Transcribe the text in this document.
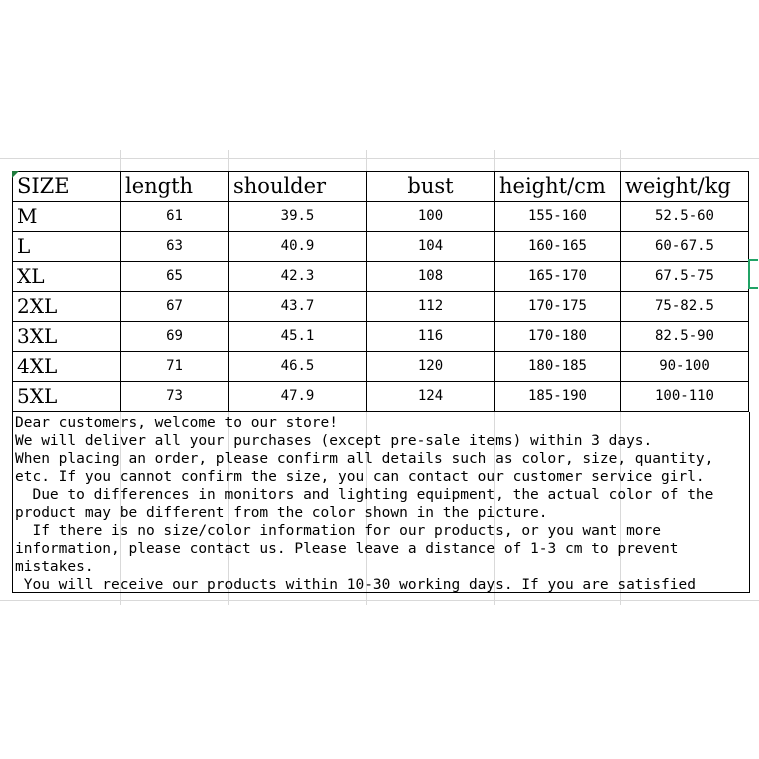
SIZE	length	shoulder	bust	height/cm	weight/kg
M	61	39.5	100	155-160	52.5-60
L	63	40.9	104	160-165	60-67.5
XL	65	42.3	108	165-170	67.5-75
2XL	67	43.7	112	170-175	75-82.5
3XL	69	45.1	116	170-180	82.5-90
4XL	71	46.5	120	180-185	90-100
5XL	73	47.9	124	185-190	100-110
Dear customers, welcome to our store!
We will deliver all your purchases (except pre-sale items) within 3 days.
When placing an order, please confirm all details such as color, size, quantity,
etc. If you cannot confirm the size, you can contact our customer service girl.
Due to differences in monitors and lighting equipment, the actual color of the
product may be different from the color shown in the picture.
If there is no size/color information for our products, or you want more
information, please contact us. Please leave a distance of 1-3 cm to prevent
mistakes.
You will receive our products within 10-30 working days. If you are satisfied
